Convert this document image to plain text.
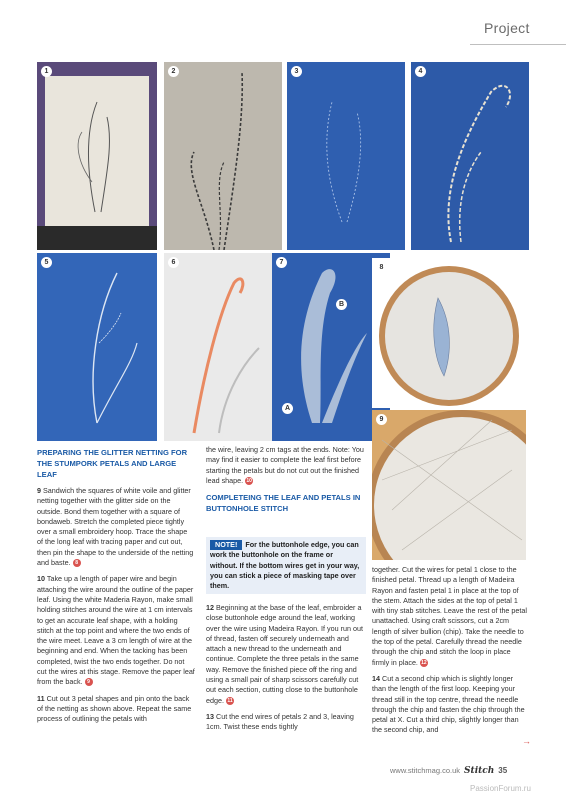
Project
1	2	3	4
5	6	7
B
A
8
9

PREPARING THE GLITTER NETTING FOR THE STUMPORK PETALS AND LARGE LEAF

9 Sandwich the squares of white voile and glitter netting together with the glitter side on the outside. Bond them together with a square of bondaweb. Stretch the completed piece tightly over a small embroidery hoop. Trace the shape of the long leaf with tracing paper and cut out, then pin the shape to the underside of the netting and baste. 8

10 Take up a length of paper wire and begin attaching the wire around the outline of the paper leaf. Using the white Maderia Rayon, make small holding stitches around the wire at 1 cm intervals to get an accurate leaf shape, with a holding stitch at the top point and where the two ends of the wire meet. Leave a 3 cm length of wire at the beginning and end. When the tacking has been completed, twist the two ends together. Do not cut the wires at this stage. Remove the paper leaf from the back. 9

11 Cut out 3 petal shapes and pin onto the back of the netting as shown above. Repeat the same process of outlining the petals with

the wire, leaving 2 cm tags at the ends. Note: You may find it easier to complete the leaf first before starting the petals but do not cut out the finished lead shape. 10

COMPLETEING THE LEAF AND PETALS IN BUTTONHOLE STITCH

NOTE! For the buttonhole edge, you can work the buttonhole on the frame or without. If the bottom wires get in your way, you can stick a piece of masking tape over them.

12 Beginning at the base of the leaf, embroider a close buttonhole edge around the leaf, working over the wire using Madeira Rayon. If you run out of thread, fasten off securely underneath and attach a new thread to the underneath and continue. Complete the three petals in the same way. Remove the finished piece off the ring and using a small pair of sharp scissors carefully cut out each section, cutting close to the buttonhole edge. 11

13 Cut the end wires of petals 2 and 3, leaving 1cm. Twist these ends tightly

together. Cut the wires for petal 1 close to the finished petal. Thread up a length of Madeira Rayon and fasten petal 1 in place at the top of the stem. Attach the sides at the top of petal 1 with tiny stab stitches. Leave the rest of the petal unattached. Using craft scissors, cut a 2cm length of silver bullion (chip). Take the needle to the top of the petal. Carefully thread the needle through the chip and stitch the loop in place firmly in place. 12

14 Cut a second chip which is slightly longer than the length of the first loop. Keeping your thread still in the top centre, thread the needle through the chip and fasten the chip through the petal at X. Cut a third chip, slightly longer than the second chip, and

→
www.stitchmag.co.uk Stitch 35
PassionForum.ru
